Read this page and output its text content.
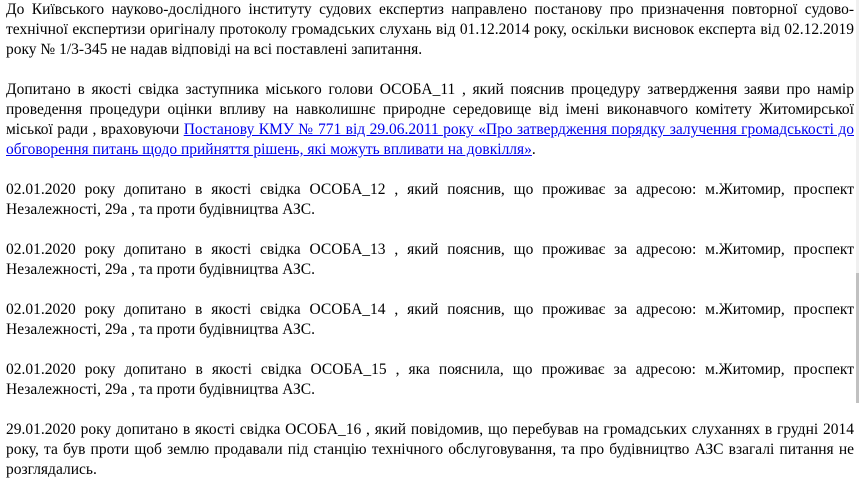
До Київського науково-дослідного інституту судових експертиз направлено постанову про призначення повторної судово-технічної експертизи оригіналу протоколу громадських слухань від 01.12.2014 року, оскільки висновок експерта від 02.12.2019 року № 1/3-345 не надав відповіді на всі поставлені запитання.

Допитано в якості свідка заступника міського голови ОСОБА_11 , який пояснив процедуру затвердження заяви про намір проведення процедури оцінки впливу на навколишнє природне середовище від імені виконавчого комітету Житомирської міської ради , враховуючи Постанову КМУ № 771 від 29.06.2011 року «Про затвердження порядку залучення громадськості до обговорення питань щодо прийняття рішень, які можуть впливати на довкілля».

02.01.2020 року допитано в якості свідка ОСОБА_12 , який пояснив, що проживає за адресою: м.Житомир, проспект Незалежності, 29а , та проти будівництва АЗС.

02.01.2020 року допитано в якості свідка ОСОБА_13 , який пояснив, що проживає за адресою: м.Житомир, проспект Незалежності, 29а , та проти будівництва АЗС.

02.01.2020 року допитано в якості свідка ОСОБА_14 , який пояснив, що проживає за адресою: м.Житомир, проспект Незалежності, 29а , та проти будівництва АЗС.

02.01.2020 року допитано в якості свідка ОСОБА_15 , яка пояснила, що проживає за адресою: м.Житомир, проспект Незалежності, 29а , та проти будівництва АЗС.

29.01.2020 року допитано в якості свідка ОСОБА_16 , який повідомив, що перебував на громадських слуханнях в грудні 2014 року, та був проти щоб землю продавали під станцію технічного обслуговування, та про будівництво АЗС взагалі питання не розглядались.
